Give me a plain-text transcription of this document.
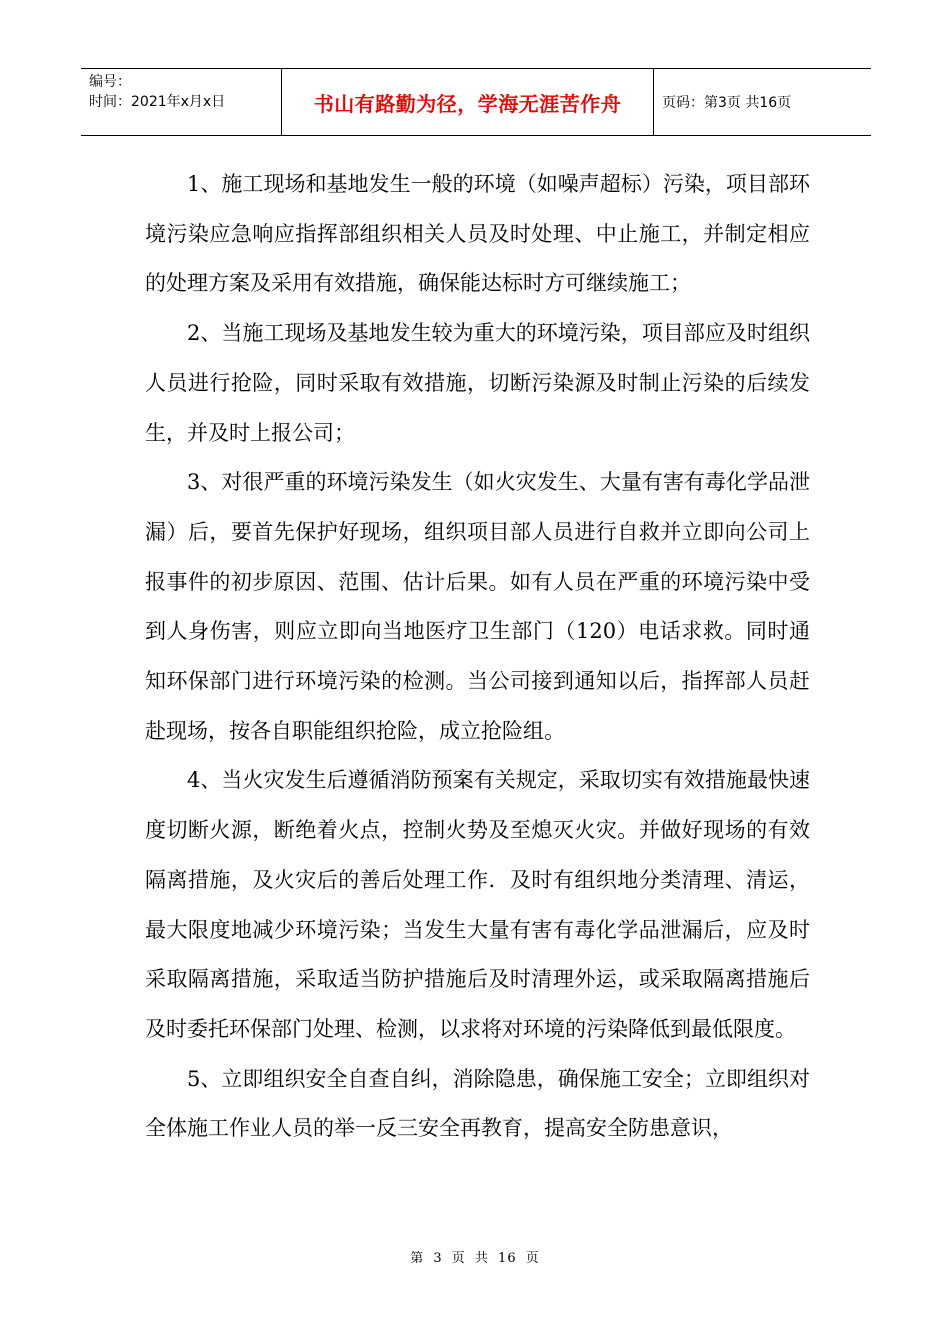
编号：
时间：2021年x月x日	书山有路勤为径，学海无涯苦作舟	页码：第3页 共16页

1、施工现场和基地发生一般的环境（如噪声超标）污染，项目部环境污染应急响应指挥部组织相关人员及时处理、中止施工，并制定相应的处理方案及采用有效措施，确保能达标时方可继续施工；

2、当施工现场及基地发生较为重大的环境污染，项目部应及时组织人员进行抢险，同时采取有效措施，切断污染源及时制止污染的后续发生，并及时上报公司；

3、对很严重的环境污染发生（如火灾发生、大量有害有毒化学品泄漏）后，要首先保护好现场，组织项目部人员进行自救并立即向公司上报事件的初步原因、范围、估计后果。如有人员在严重的环境污染中受到人身伤害，则应立即向当地医疗卫生部门（120）电话求救。同时通知环保部门进行环境污染的检测。当公司接到通知以后，指挥部人员赶赴现场，按各自职能组织抢险，成立抢险组。

4、当火灾发生后遵循消防预案有关规定，采取切实有效措施最快速度切断火源，断绝着火点，控制火势及至熄灭火灾。并做好现场的有效隔离措施，及火灾后的善后处理工作．及时有组织地分类清理、清运，最大限度地减少环境污染；当发生大量有害有毒化学品泄漏后，应及时采取隔离措施，采取适当防护措施后及时清理外运，或采取隔离措施后及时委托环保部门处理、检测，以求将对环境的污染降低到最低限度。

5、立即组织安全自查自纠，消除隐患，确保施工安全；立即组织对全体施工作业人员的举一反三安全再教育，提高安全防患意识，

第 3 页 共 16 页
